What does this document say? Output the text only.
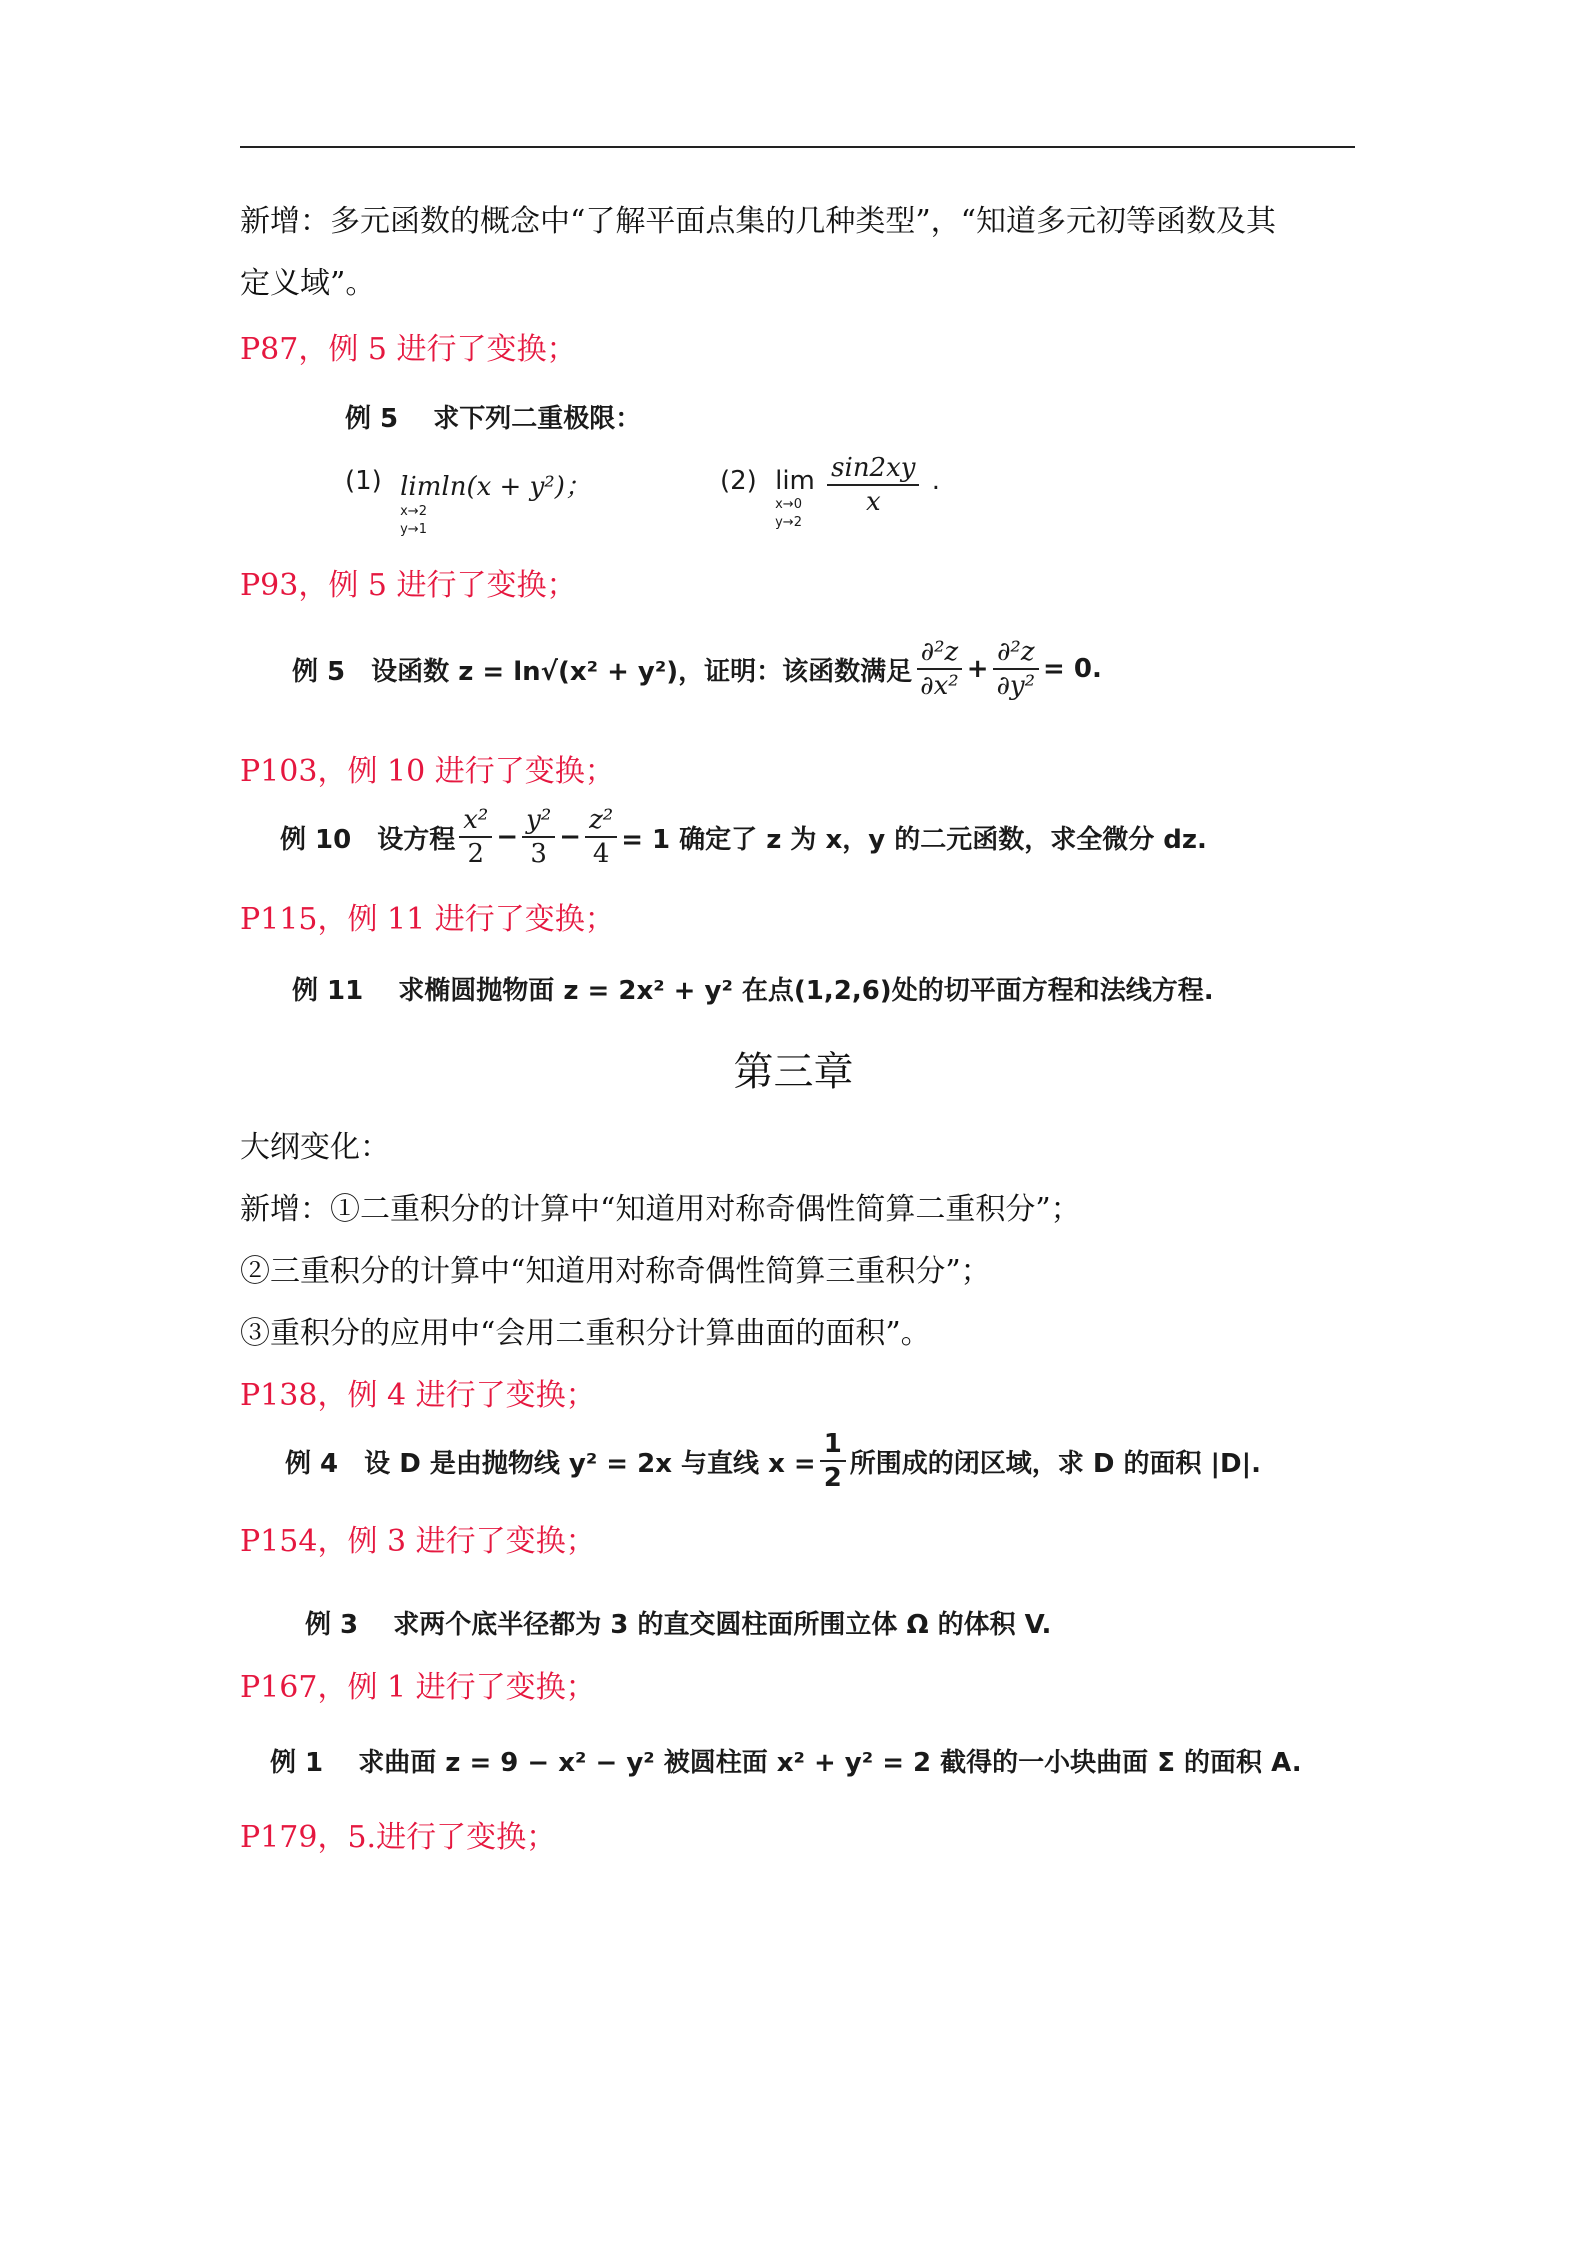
新增：多元函数的概念中“了解平面点集的几种类型”，“知道多元初等函数及其
定义域”。
P87，例 5 进行了变换；
例 5 求下列二重极限：
(1) limln(x + y²)；
x→2
y→1
(2) lim
x→0
y→2

$\frac{\sin 2xy}{x}$ .
P93，例 5 进行了变换；
例 5 设函数 z = ln√(x² + y²)，证明：该函数满足 $\frac{\text{∂²z}}{\text{∂x²}} + \frac{\text{∂²z}}{\text{∂y²}} = 0$.
P103，例 10 进行了变换；
例 10 设方程 $\frac{\text{x²}}{2} - \frac{\text{y²}}{3} - \frac{\text{z²}}{4} = 1$ 确定了 z 为 x，y 的二元函数，求全微分 dz.
P115，例 11 进行了变换；
例 11 求椭圆抛物面 z = 2x² + y² 在点(1,2,6)处的切平面方程和法线方程.
第三章
大纲变化：
新增：①二重积分的计算中“知道用对称奇偶性简算二重积分”；
②三重积分的计算中“知道用对称奇偶性简算三重积分”；
③重积分的应用中“会用二重积分计算曲面的面积”。
P138，例 4 进行了变换；
例 4 设 D 是由抛物线 y² = 2x 与直线 $x = \frac{1}{2}$ 所围成的闭区域，求 D 的面积 |D|.
P154，例 3 进行了变换；
例 3 求两个底半径都为 3 的直交圆柱面所围立体 Ω 的体积 V.
P167，例 1 进行了变换；
例 1 求曲面 z = 9 − x² − y² 被圆柱面 x² + y² = 2 截得的一小块曲面 Σ 的面积 A.
P179，5.进行了变换；
